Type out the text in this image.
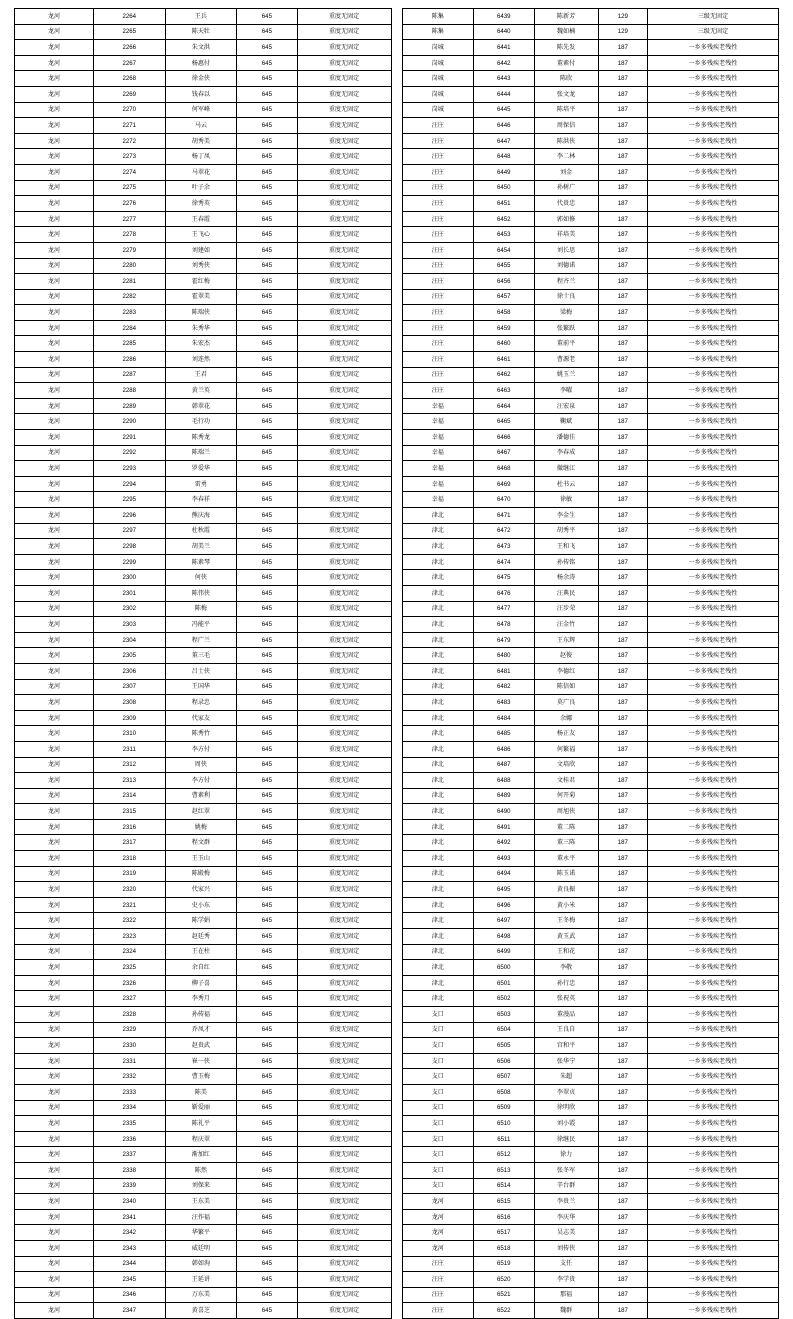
龙河	2264	王兵	645	重度无固定
龙河	2265	陈天牡	645	重度无固定
龙河	2266	朱文洪	645	重度无固定
龙河	2267	杨惠付	645	重度无固定
龙河	2268	徐金侠	645	重度无固定
龙河	2269	钱春以	645	重度无固定
龙河	2270	何军峰	645	重度无固定
龙河	2271	马云	645	重度无固定
龙河	2272	胡秀美	645	重度无固定
龙河	2273	杨丁凤	645	重度无固定
龙河	2274	马翠花	645	重度无固定
龙河	2275	叶子余	645	重度无固定
龙河	2276	徐秀英	645	重度无固定
龙河	2277	王春霞	645	重度无固定
龙河	2278	王飞心	645	重度无固定
龙河	2279	刘建如	645	重度无固定
龙河	2280	刘秀侠	645	重度无固定
龙河	2281	霍红梅	645	重度无固定
龙河	2282	霍翠美	645	重度无固定
龙河	2283	陈瑞侠	645	重度无固定
龙河	2284	朱秀华	645	重度无固定
龙河	2285	朱宏杰	645	重度无固定
龙河	2286	刘连然	645	重度无固定
龙河	2287	王君	645	重度无固定
龙河	2288	黄兰英	645	重度无固定
龙河	2289	韩翠花	645	重度无固定
龙河	2290	毛行功	645	重度无固定
龙河	2291	陈秀龙	645	重度无固定
龙河	2292	陈瑞兰	645	重度无固定
龙河	2293	罗爱华	645	重度无固定
龙河	2294	雷勇	645	重度无固定
龙河	2295	李春祥	645	重度无固定
龙河	2296	熊庆海	645	重度无固定
龙河	2297	杜秋霞	645	重度无固定
龙河	2298	胡美兰	645	重度无固定
龙河	2299	陈素琴	645	重度无固定
龙河	2300	何侠	645	重度无固定
龙河	2301	陈伟侠	645	重度无固定
龙河	2302	陈梅	645	重度无固定
龙河	2303	冯能平	645	重度无固定
龙河	2304	程广兰	645	重度无固定
龙河	2305	董三毛	645	重度无固定
龙河	2306	吕士侠	645	重度无固定
龙河	2307	王国华	645	重度无固定
龙河	2308	程录忠	645	重度无固定
龙河	2309	代家友	645	重度无固定
龙河	2310	陈秀竹	645	重度无固定
龙河	2311	李方付	645	重度无固定
龙河	2312	周侠	645	重度无固定
龙河	2313	李方付	645	重度无固定
龙河	2314	曹素利	645	重度无固定
龙河	2315	赵红翠	645	重度无固定
龙河	2316	姚梅	645	重度无固定
龙河	2317	程文群	645	重度无固定
龙河	2318	王玉山	645	重度无固定
龙河	2319	陈殿梅	645	重度无固定
龙河	2320	代家兴	645	重度无固定
龙河	2321	史小东	645	重度无固定
龙河	2322	陈学娟	645	重度无固定
龙河	2323	赵廷秀	645	重度无固定
龙河	2324	王在柱	645	重度无固定
龙河	2325	余自红	645	重度无固定
龙河	2326	柳子喜	645	重度无固定
龙河	2327	李秀月	645	重度无固定
龙河	2328	孙传福	645	重度无固定
龙河	2329	乔凤才	645	重度无固定
龙河	2330	赵贵武	645	重度无固定
龙河	2331	崔一侠	645	重度无固定
龙河	2332	曹玉梅	645	重度无固定
龙河	2333	陈美	645	重度无固定
龙河	2334	靳爱丽	645	重度无固定
龙河	2335	陈礼平	645	重度无固定
龙河	2336	程庆翠	645	重度无固定
龙河	2337	渐加红	645	重度无固定
龙河	2338	陈然	645	重度无固定
龙河	2339	刘保来	645	重度无固定
龙河	2340	王东美	645	重度无固定
龙河	2341	汪作福	645	重度无固定
龙河	2342	华繁平	645	重度无固定
龙河	2343	威廷明	645	重度无固定
龙河	2344	韩如洵	645	重度无固定
龙河	2345	王延讲	645	重度无固定
龙河	2346	万东美	645	重度无固定
龙河	2347	黄喜芝	645	重度无固定
陈集	6439	陈新芳	129	三级无固定
陈集	6440	魏如楠	129	三级无固定
岗城	6441	陈先发	187	一乡多残疾老残性
岗城	6442	董素付	187	一乡多残疾老残性
岗城	6443	陈欣	187	一乡多残疾老残性
岗城	6444	张文龙	187	一乡多残疾老残性
岗城	6445	陈培平	187	一乡多残疾老残性
汪庄	6446	周保信	187	一乡多残疾老残性
汪庄	6447	陈洪侠	187	一乡多残疾老残性
汪庄	6448	李二林	187	一乡多残疾老残性
汪庄	6449	刘金	187	一乡多残疾老残性
汪庄	6450	孙树广	187	一乡多残疾老残性
汪庄	6451	代贵忠	187	一乡多残疾老残性
汪庄	6452	郭如修	187	一乡多残疾老残性
汪庄	6453	祥培美	187	一乡多残疾老残性
汪庄	6454	刘长思	187	一乡多残疾老残性
汪庄	6455	刘德诺	187	一乡多残疾老残性
汪庄	6456	程齐兰	187	一乡多残疾老残性
汪庄	6457	徐十良	187	一乡多残疾老残性
汪庄	6458	梁梅	187	一乡多残疾老残性
汪庄	6459	张繁跃	187	一乡多残疾老残性
汪庄	6460	董前平	187	一乡多残疾老残性
汪庄	6461	曹源老	187	一乡多残疾老残性
汪庄	6462	姚玉兰	187	一乡多残疾老残性
汪庄	6463	李曜	187	一乡多残疾老残性
幸福	6464	汪宏泉	187	一乡多残疾老残性
幸福	6465	鞠斌	187	一乡多残疾老残性
幸福	6466	潘德佳	187	一乡多残疾老残性
幸福	6467	李春成	187	一乡多残疾老残性
幸福	6468	撤继江	187	一乡多残疾老残性
幸福	6469	杜书云	187	一乡多残疾老残性
幸福	6470	徐敏	187	一乡多残疾老残性
津北	6471	李金生	187	一乡多残疾老残性
津北	6472	胡秀平	187	一乡多残疾老残性
津北	6473	王和飞	187	一乡多残疾老残性
津北	6474	孙传铭	187	一乡多残疾老残性
津北	6475	杨余涛	187	一乡多残疾老残性
津北	6476	汪典民	187	一乡多残疾老残性
津北	6477	汪步荣	187	一乡多残疾老残性
津北	6478	汪金竹	187	一乡多残疾老残性
津北	6479	王东辉	187	一乡多残疾老残性
津北	6480	赵俊	187	一乡多残疾老残性
津北	6481	李德红	187	一乡多残疾老残性
津北	6482	陈信如	187	一乡多残疾老残性
津北	6483	莫广良	187	一乡多残疾老残性
津北	6484	余娜	187	一乡多残疾老残性
津北	6485	杨正友	187	一乡多残疾老残性
津北	6486	何繁福	187	一乡多残疾老残性
津北	6487	文培欣	187	一乡多残疾老残性
津北	6488	文桂君	187	一乡多残疾老残性
津北	6489	何开菊	187	一乡多残疾老残性
津北	6490	周旭侠	187	一乡多残疾老残性
津北	6491	董二陈	187	一乡多残疾老残性
津北	6492	董三陈	187	一乡多残疾老残性
津北	6493	董永平	187	一乡多残疾老残性
津北	6494	陈玉诺	187	一乡多残疾老残性
津北	6495	黄良振	187	一乡多残疾老残性
津北	6496	黄小米	187	一乡多残疾老残性
津北	6497	王冬梅	187	一乡多残疾老残性
津北	6498	黄玉武	187	一乡多残疾老残性
津北	6499	王和花	187	一乡多残疾老残性
津北	6500	李敬	187	一乡多残疾老残性
津北	6501	孙行忠	187	一乡多残疾老残性
津北	6502	张祝英	187	一乡多残疾老残性
支口	6503	董漫品	187	一乡多残疾老残性
支口	6504	王良自	187	一乡多残疾老残性
支口	6505	宫和平	187	一乡多残疾老残性
支口	6506	张华宁	187	一乡多残疾老残性
支口	6507	朱超	187	一乡多残疾老残性
支口	6508	李翠贞	187	一乡多残疾老残性
支口	6509	徐明欣	187	一乡多残疾老残性
支口	6510	刘小霞	187	一乡多残疾老残性
支口	6511	徐继民	187	一乡多残疾老残性
支口	6512	徐力	187	一乡多残疾老残性
支口	6513	张冬军	187	一乡多残疾老残性
支口	6514	辛台群	187	一乡多残疾老残性
龙河	6515	李贵兰	187	一乡多残疾老残性
龙河	6516	李庆华	187	一乡多残疾老残性
龙河	6517	吴志美	187	一乡多残疾老残性
龙河	6518	刘传侠	187	一乡多残疾老残性
汪庄	6519	支任	187	一乡多残疾老残性
汪庄	6520	李学贵	187	一乡多残疾老残性
汪庄	6521	那福	187	一乡多残疾老残性
汪庄	6522	魏群	187	一乡多残疾老残性
